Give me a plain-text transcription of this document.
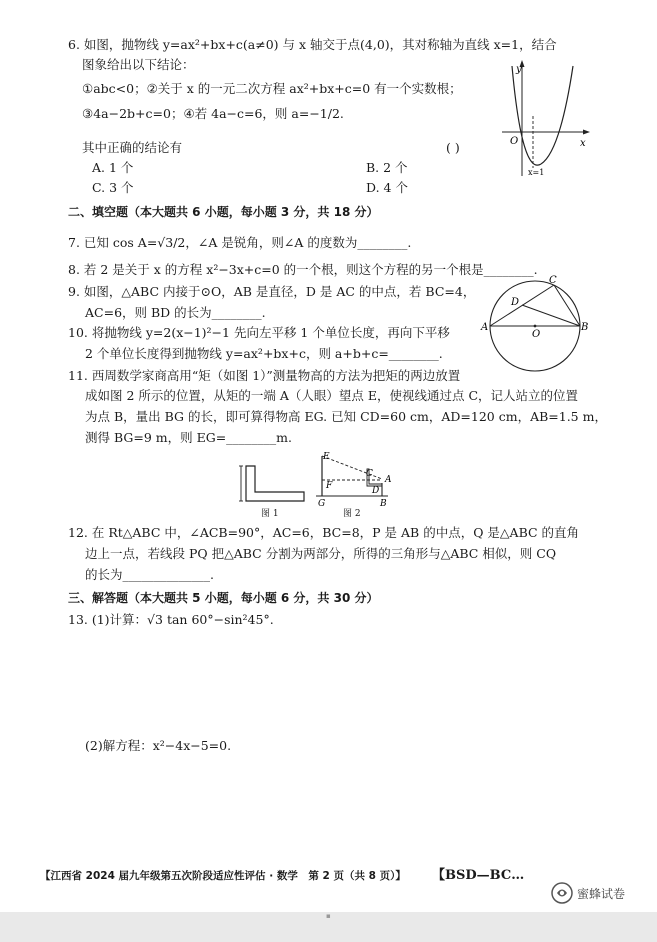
6. 如图，抛物线 y=ax²+bx+c(a≠0) 与 x 轴交于点(4,0)，其对称轴为直线 x=1，结合
图象给出以下结论：
①abc<0；②关于 x 的一元二次方程 ax²+bx+c=0 有一个实数根；
③4a−2b+c=0；④若 4a−c=6，则 a=−1/2.
其中正确的结论有	( )
A. 1 个	B. 2 个
C. 3 个	D. 4 个
y
x
O
x=1
二、填空题（本大题共 6 小题，每小题 3 分，共 18 分）
7. 已知 cos A=√3/2，∠A 是锐角，则∠A 的度数为________.
8. 若 2 是关于 x 的方程 x²−3x+c=0 的一个根，则这个方程的另一个根是________.
9. 如图，△ABC 内接于⊙O，AB 是直径，D 是 AC 的中点，若 BC=4，
AC=6，则 BD 的长为________.
A	B
C
D
O
10. 将抛物线 y=2(x−1)²−1 先向左平移 1 个单位长度，再向下平移
2 个单位长度得到抛物线 y=ax²+bx+c，则 a+b+c=________.
11. 西周数学家商高用“矩（如图 1）”测量物高的方法为把矩的两边放置
成如图 2 所示的位置，从矩的一端 A（人眼）望点 E，使视线通过点 C，记人站立的位置
为点 B，量出 BG 的长，即可算得物高 EG. 已知 CD=60 cm，AD=120 cm，AB=1.5 m，
测得 BG=9 m，则 EG=________m.
图 1
E
C
A
F	D
G	B
图 2
12. 在 Rt△ABC 中，∠ACB=90°，AC=6，BC=8，P 是 AB 的中点，Q 是△ABC 的直角
边上一点，若线段 PQ 把△ABC 分割为两部分，所得的三角形与△ABC 相似，则 CQ
的长为______________.
三、解答题（本大题共 5 小题，每小题 6 分，共 30 分）
13. (1)计算：√3 tan 60°−sin²45°.
(2)解方程：x²−4x−5=0.
【江西省 2024 届九年级第五次阶段适应性评估 · 数学　第 2 页（共 8 页）】 【BSD—BC…
蜜蜂试卷
▪
